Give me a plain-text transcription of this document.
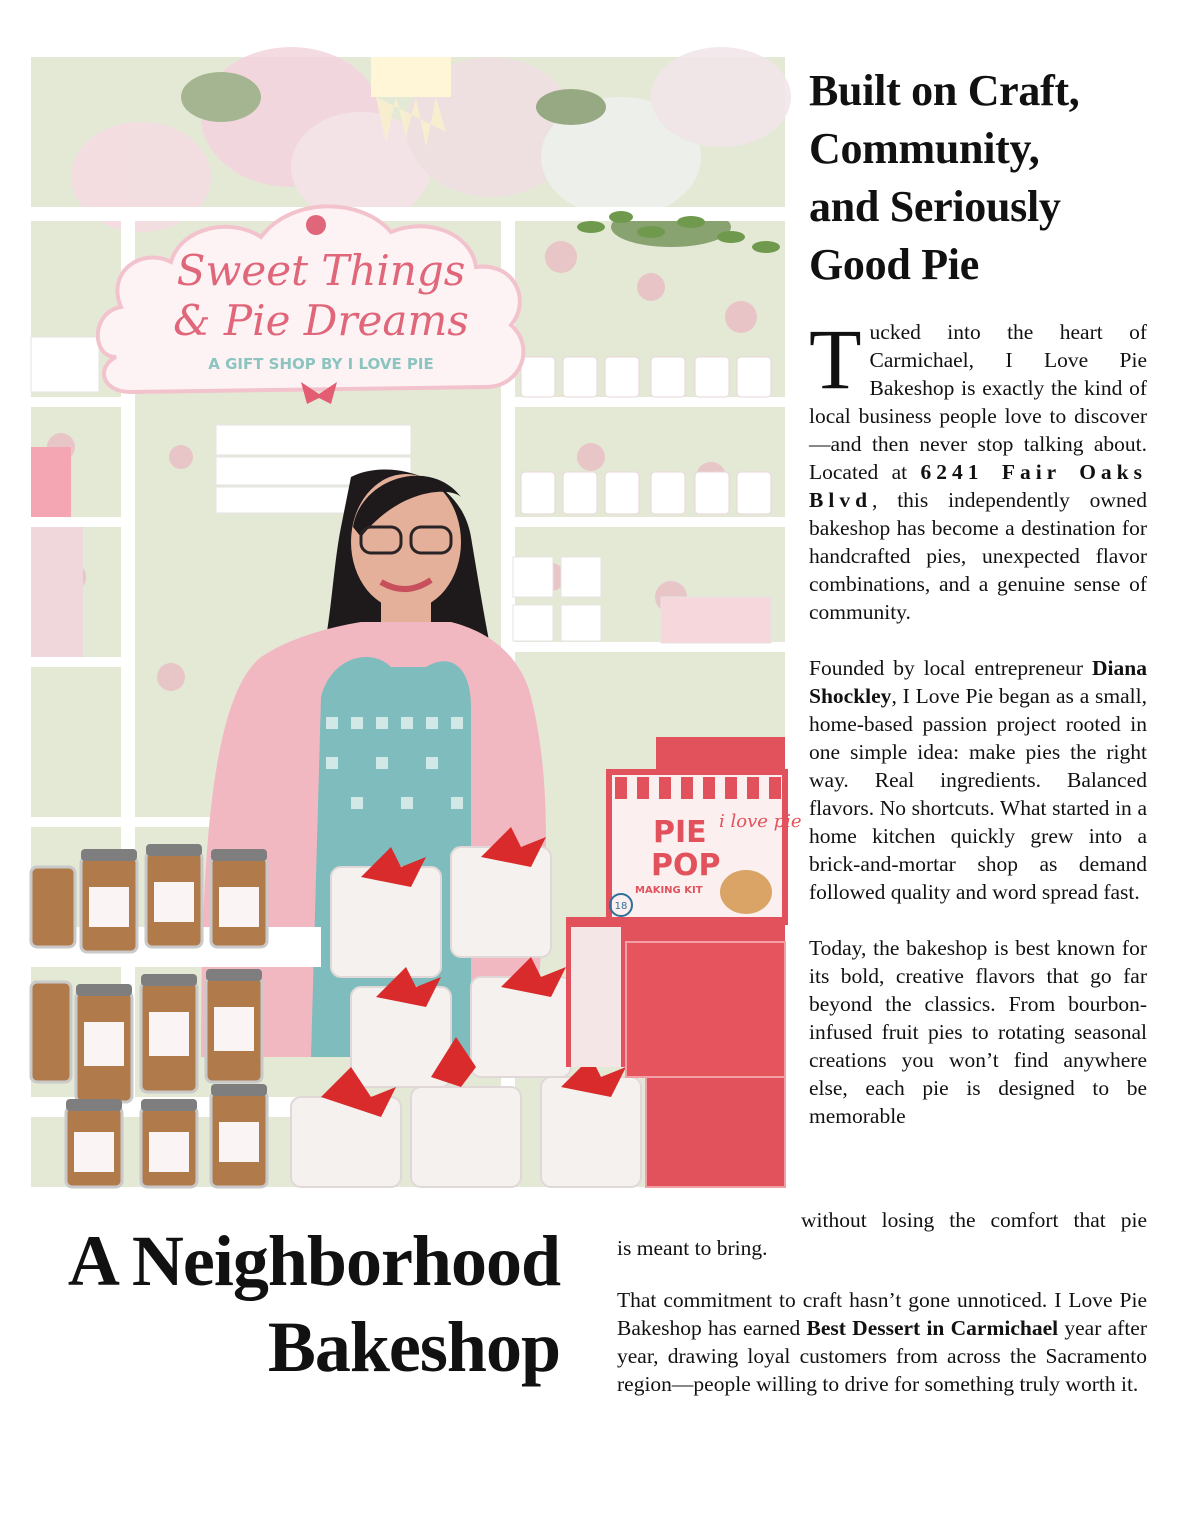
Sweet Things
& Pie Dreams
A GIFT SHOP BY I LOVE PIE
PIE
POP
MAKING KIT
i love pie
18
Built on Craft,
Community,
and Seriously
Good Pie

Tucked into the heart of Carmichael, I Love Pie Bakeshop is exactly the kind of local business people love to discover—and then never stop talking about. Located at 6241 Fair Oaks Blvd, this independently owned bakeshop has become a destination for handcrafted pies, unexpected flavor combinations, and a genuine sense of community.

Founded by local entrepreneur Diana Shockley, I Love Pie began as a small, home-based passion project rooted in one simple idea: make pies the right way. Real ingredients. Balanced flavors. No shortcuts. What started in a home kitchen quickly grew into a brick-and-mortar shop as demand followed quality and word spread fast.

Today, the bakeshop is best known for its bold, creative flavors that go far beyond the classics. From bourbon-infused fruit pies to rotating seasonal creations you won’t find anywhere else, each pie is designed to be memorable

without losing the comfort that pie
is meant to bring.

That commitment to craft hasn’t gone unnoticed. I Love Pie Bakeshop has earned Best Dessert in Carmichael year after year, drawing loyal customers from across the Sacramento region—people willing to drive for something truly worth it.

A Neighborhood
Bakeshop
